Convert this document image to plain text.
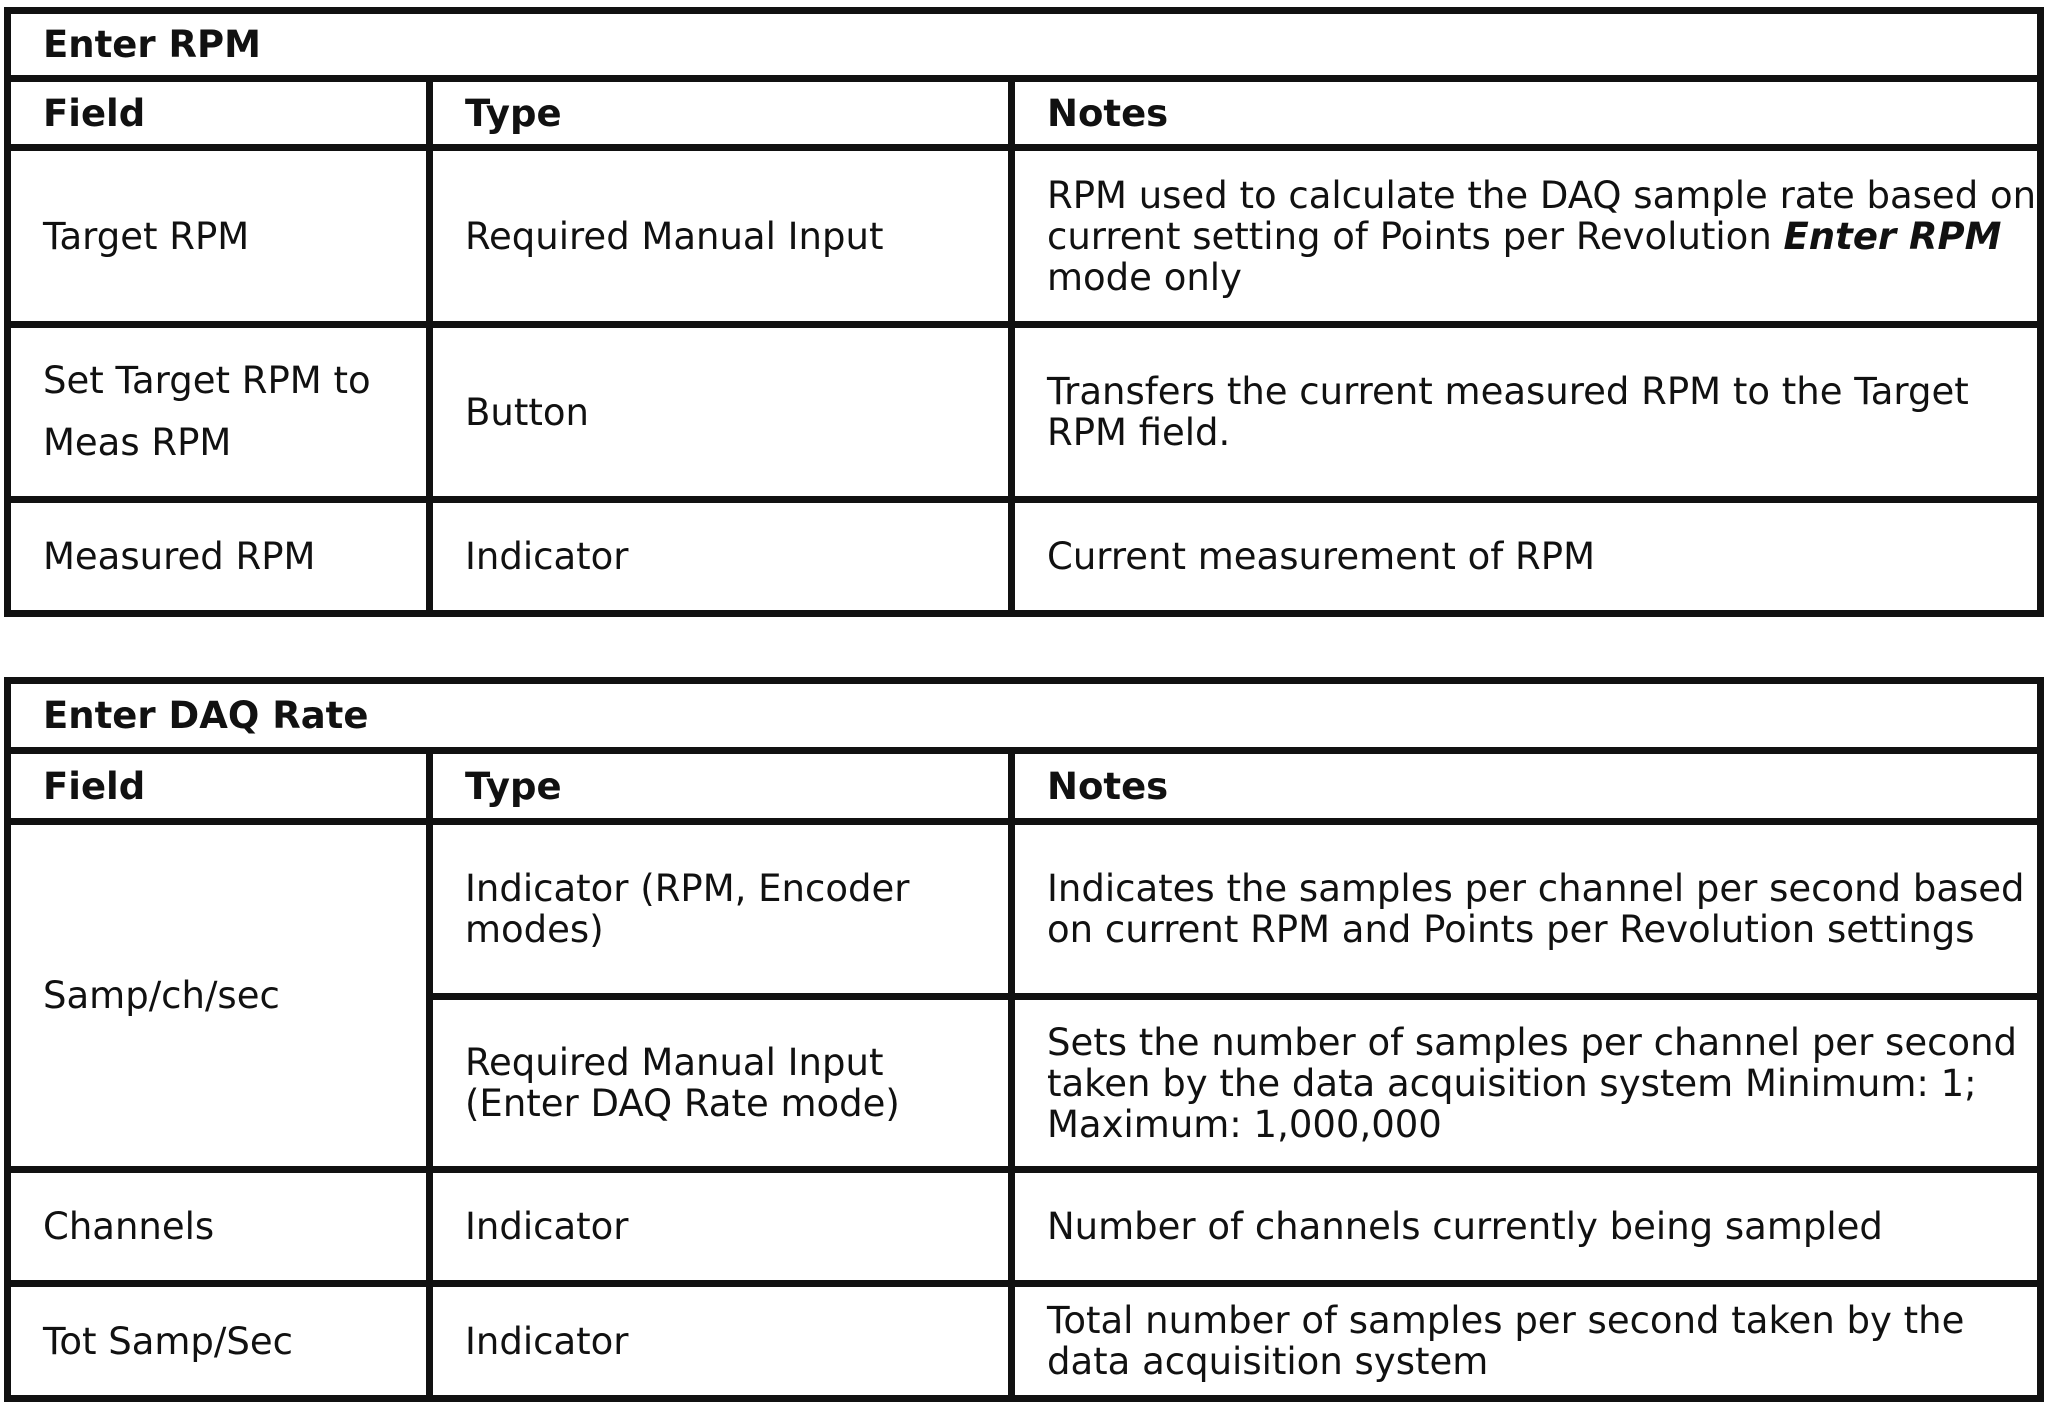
Enter RPM		
Field	Type	Notes
Target RPM	Required Manual Input	RPM used to calculate the DAQ sample rate based on current setting of Points per Revolution Enter RPM mode only
Set Target RPM to Meas RPM	Button	Transfers the current measured RPM to the Target RPM field.
Measured RPM	Indicator	Current measurement of RPM
Enter DAQ Rate		
Field	Type	Notes
Samp/ch/sec	Indicator (RPM, Encoder modes)	Indicates the samples per channel per second based on current RPM and Points per Revolution settings
	Required Manual Input (Enter DAQ Rate mode)	Sets the number of samples per channel per second taken by the data acquisition system Minimum: 1; Maximum: 1,000,000
Channels	Indicator	Number of channels currently being sampled
Tot Samp/Sec	Indicator	Total number of samples per second taken by the data acquisition system
